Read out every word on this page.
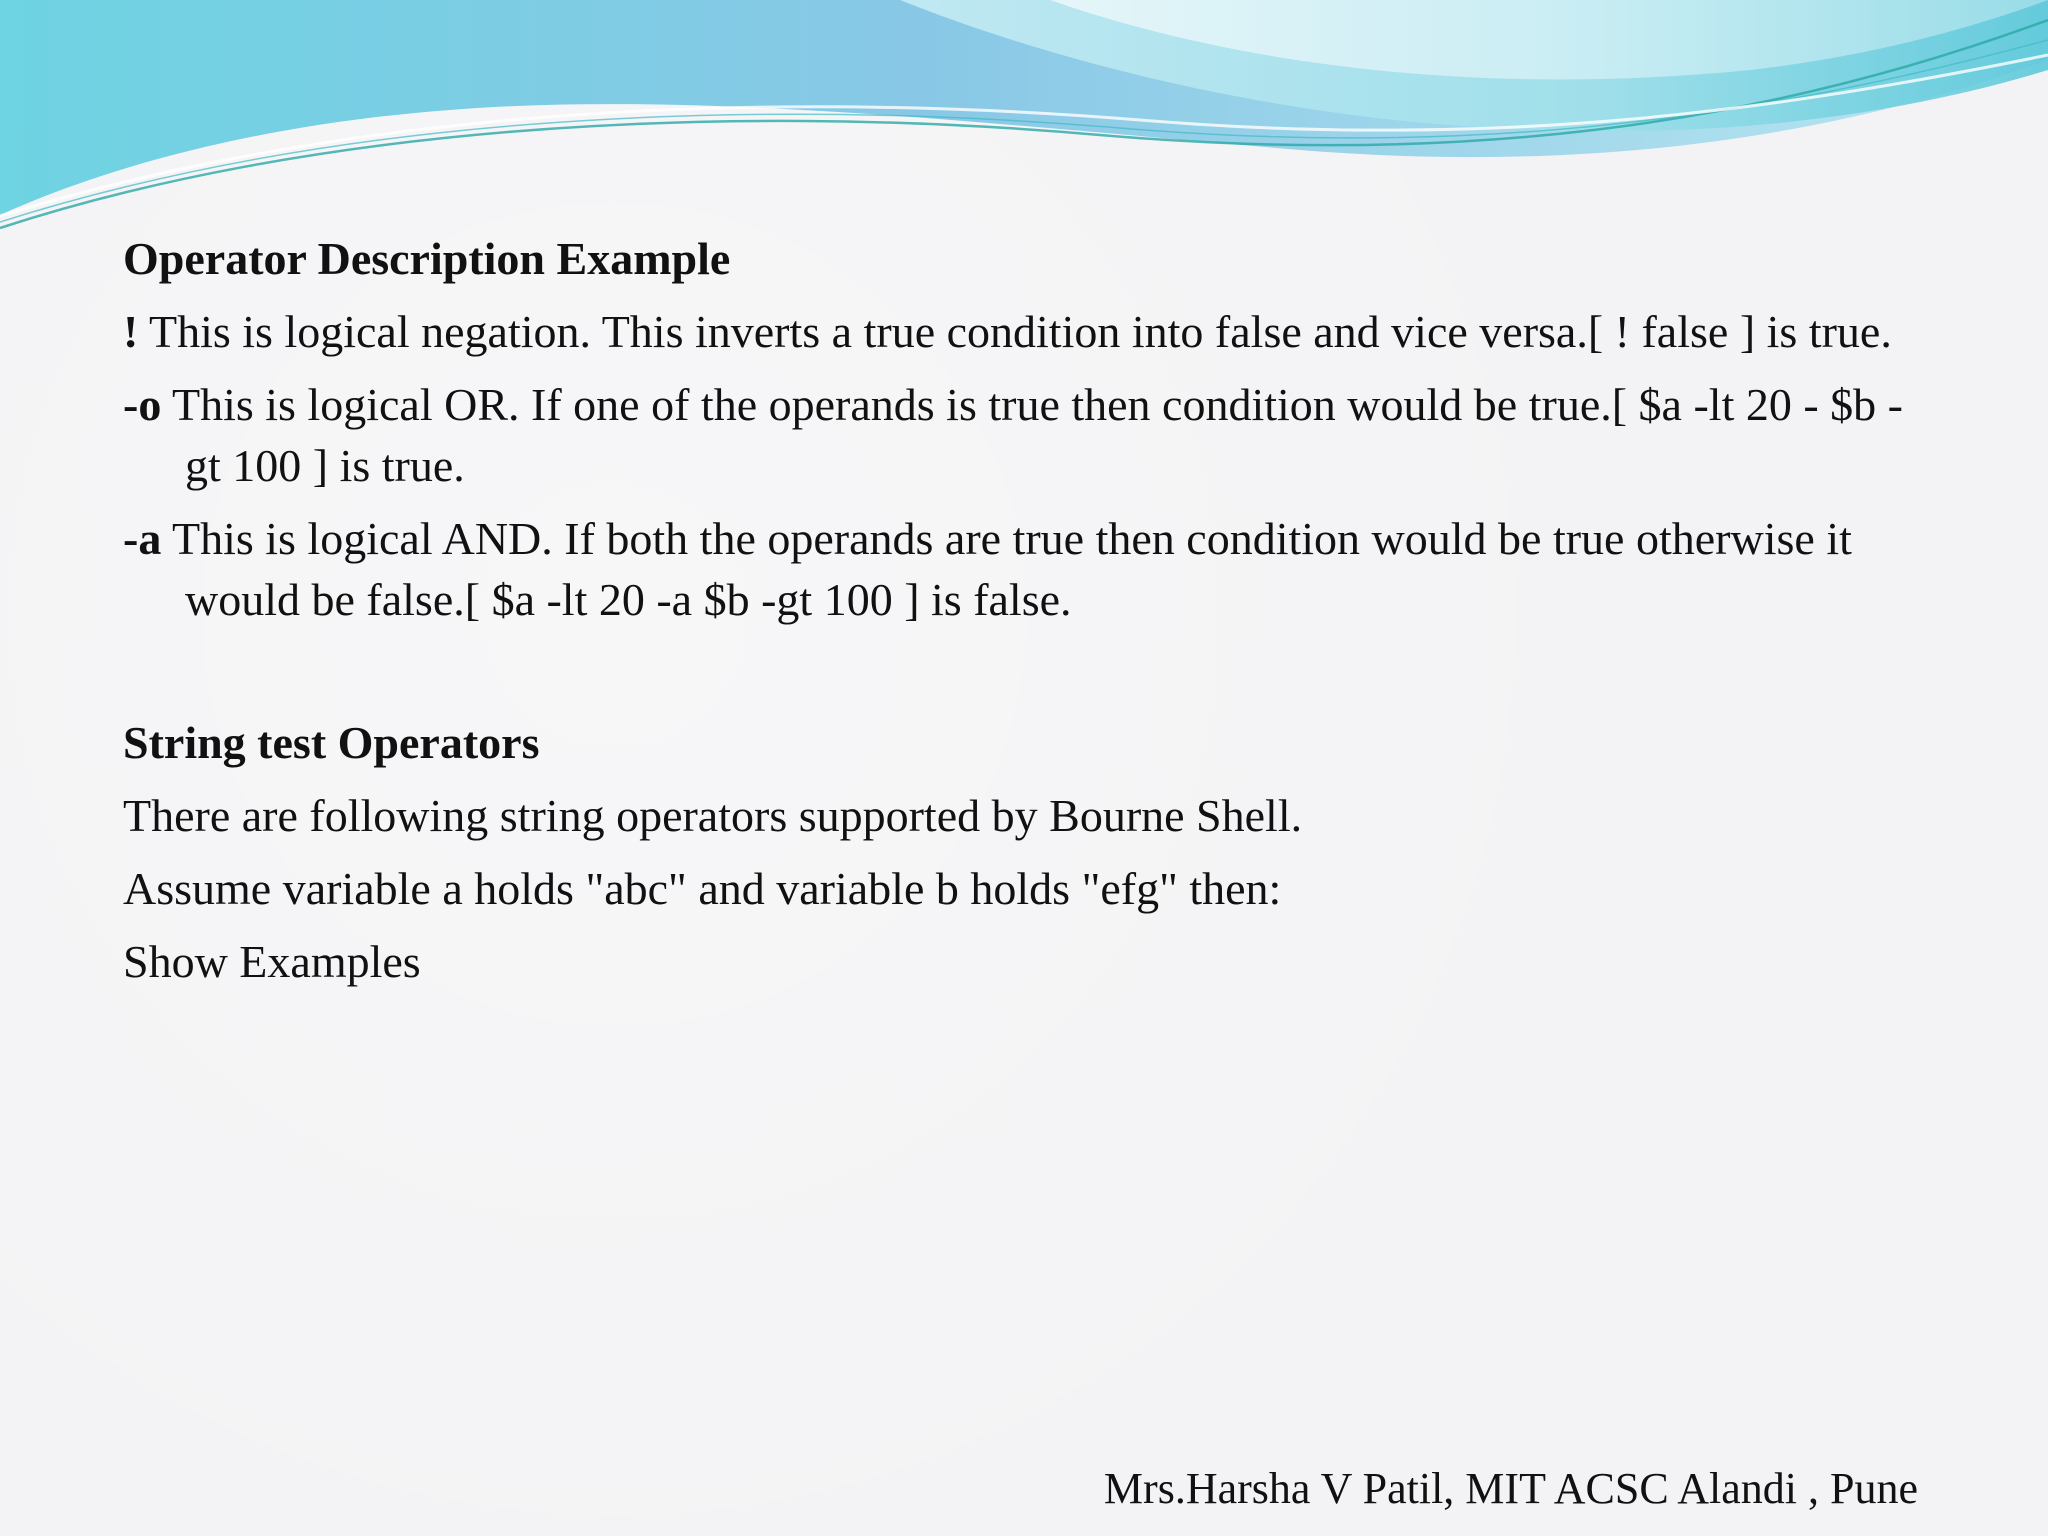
Operator Description Example

! This is logical negation. This inverts a true condition into false and vice versa.[ ! false ] is true.

-o This is logical OR. If one of the operands is true then condition would be true.[ $a -lt 20 - $b -gt 100 ] is true.

-a This is logical AND. If both the operands are true then condition would be true otherwise it would be false.[ $a -lt 20 -a $b -gt 100 ] is false.

String test Operators

There are following string operators supported by Bourne Shell.

Assume variable a holds "abc" and variable b holds "efg" then:

Show Examples

Mrs.Harsha V Patil, MIT ACSC Alandi , Pune
